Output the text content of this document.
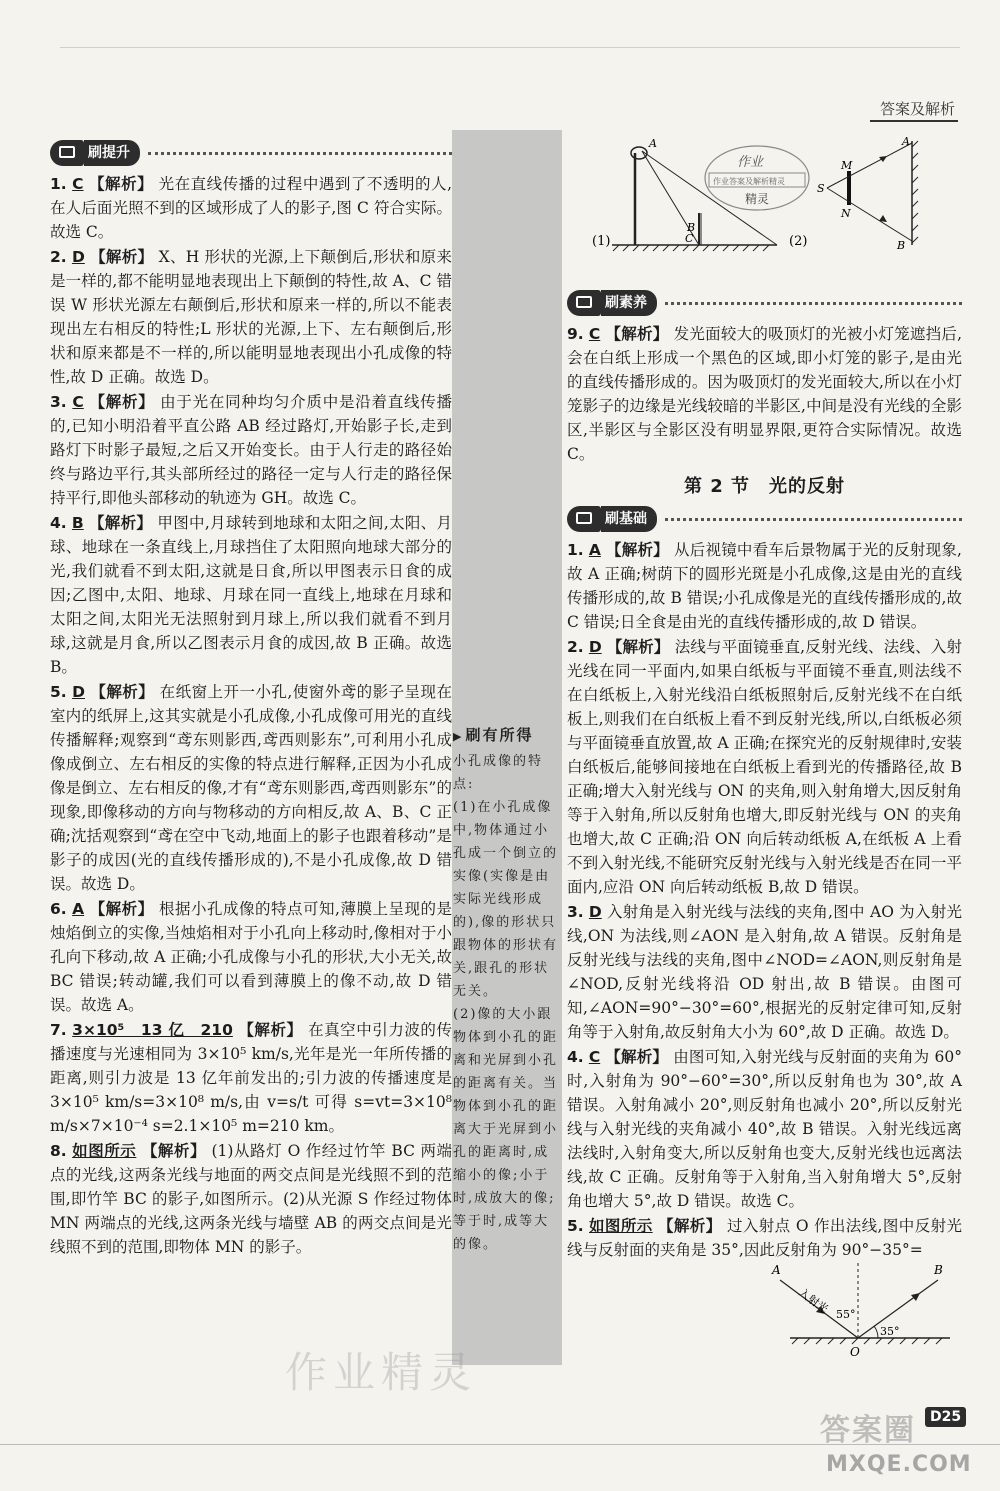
答案及解析
▶ 刷有所得
小孔成像的特点:
(1)在小孔成像中,物体通过小孔成一个倒立的实像(实像是由实际光线形成的),像的形状只跟物体的形状有关,跟孔的形状无关。
(2)像的大小跟物体到小孔的距离和光屏到小孔的距离有关。当物体到小孔的距离大于光屏到小孔的距离时,成缩小的像;小于时,成放大的像;等于时,成等大的像。
刷提升
1. C 【解析】 光在直线传播的过程中遇到了不透明的人,在人后面光照不到的区域形成了人的影子,图 C 符合实际。故选 C。
2. D 【解析】 X、H 形状的光源,上下颠倒后,形状和原来是一样的,都不能明显地表现出上下颠倒的特性,故 A、C 错误 W 形状光源左右颠倒后,形状和原来一样的,所以不能表现出左右相反的特性;L 形状的光源,上下、左右颠倒后,形状和原来都是不一样的,所以能明显地表现出小孔成像的特性,故 D 正确。故选 D。
3. C 【解析】 由于光在同种均匀介质中是沿着直线传播的,已知小明沿着平直公路 AB 经过路灯,开始影子长,走到路灯下时影子最短,之后又开始变长。由于人行走的路径始终与路边平行,其头部所经过的路径一定与人行走的路径保持平行,即他头部移动的轨迹为 GH。故选 C。
4. B 【解析】 甲图中,月球转到地球和太阳之间,太阳、月球、地球在一条直线上,月球挡住了太阳照向地球大部分的光,我们就看不到太阳,这就是日食,所以甲图表示日食的成因;乙图中,太阳、地球、月球在同一直线上,地球在月球和太阳之间,太阳光无法照射到月球上,所以我们就看不到月球,这就是月食,所以乙图表示月食的成因,故 B 正确。故选 B。
5. D 【解析】 在纸窗上开一小孔,使窗外鸢的影子呈现在室内的纸屏上,这其实就是小孔成像,小孔成像可用光的直线传播解释;观察到“鸢东则影西,鸢西则影东”,可利用小孔成像成倒立、左右相反的实像的特点进行解释,正因为小孔成像是倒立、左右相反的像,才有“鸢东则影西,鸢西则影东”的现象,即像移动的方向与物移动的方向相反,故 A、B、C 正确;沈括观察到“鸢在空中飞动,地面上的影子也跟着移动”是影子的成因(光的直线传播形成的),不是小孔成像,故 D 错误。故选 D。
6. A 【解析】 根据小孔成像的特点可知,薄膜上呈现的是烛焰倒立的实像,当烛焰相对于小孔向上移动时,像相对于小孔向下移动,故 A 正确;小孔成像与小孔的形状,大小无关,故 BC 错误;转动罐,我们可以看到薄膜上的像不动,故 D 错误。故选 A。
7. 3×10⁵　13 亿　210 【解析】 在真空中引力波的传播速度与光速相同为 3×10⁵ km/s,光年是光一年所传播的距离,则引力波是 13 亿年前发出的;引力波的传播速度是 3×10⁵ km/s=3×10⁸ m/s,由 v=s/t 可得 s=vt=3×10⁸ m/s×7×10⁻⁴ s=2.1×10⁵ m=210 km。
8. 如图所示 【解析】 (1)从路灯 O 作经过竹竿 BC 两端点的光线,这两条光线与地面的两交点间是光线照不到的范围,即竹竿 BC 的影子,如图所示。(2)从光源 S 作经过物体 MN 两端点的光线,这两条光线与墙壁 AB 的两交点间是光线照不到的范围,即物体 MN 的影子。
A
B
C
(1)
作业
作业答案及解析精灵
精灵
A
M
S
N
B
(2)
刷素养
9. C 【解析】 发光面较大的吸顶灯的光被小灯笼遮挡后,会在白纸上形成一个黑色的区域,即小灯笼的影子,是由光的直线传播形成的。因为吸顶灯的发光面较大,所以在小灯笼影子的边缘是光线较暗的半影区,中间是没有光线的全影区,半影区与全影区没有明显界限,更符合实际情况。故选 C。
第 2 节　光的反射
刷基础
1. A 【解析】 从后视镜中看车后景物属于光的反射现象,故 A 正确;树荫下的圆形光斑是小孔成像,这是由光的直线传播形成的,故 B 错误;小孔成像是光的直线传播形成的,故 C 错误;日全食是由光的直线传播形成的,故 D 错误。
2. D 【解析】 法线与平面镜垂直,反射光线、法线、入射光线在同一平面内,如果白纸板与平面镜不垂直,则法线不在白纸板上,入射光线沿白纸板照射后,反射光线不在白纸板上,则我们在白纸板上看不到反射光线,所以,白纸板必须与平面镜垂直放置,故 A 正确;在探究光的反射规律时,安装白纸板后,能够间接地在白纸板上看到光的传播路径,故 B 正确;增大入射光线与 ON 的夹角,则入射角增大,因反射角等于入射角,所以反射角也增大,即反射光线与 ON 的夹角也增大,故 C 正确;沿 ON 向后转动纸板 A,在纸板 A 上看不到入射光线,不能研究反射光线与入射光线是否在同一平面内,应沿 ON 向后转动纸板 B,故 D 错误。
3. D 入射角是入射光线与法线的夹角,图中 AO 为入射光线,ON 为法线,则∠AON 是入射角,故 A 错误。反射角是反射光线与法线的夹角,图中∠NOD=∠AON,则反射角是∠NOD,反射光线将沿 OD 射出,故 B 错误。由图可知,∠AON=90°−30°=60°,根据光的反射定律可知,反射角等于入射角,故反射角大小为 60°,故 D 正确。故选 D。
4. C 【解析】 由图可知,入射光线与反射面的夹角为 60°时,入射角为 90°−60°=30°,所以反射角也为 30°,故 A 错误。入射角减小 20°,则反射角也减小 20°,所以反射光线与入射光线的夹角减小 40°,故 B 错误。入射光线远离法线时,入射角变大,所以反射角也变大,反射光线也远离法线,故 C 正确。反射角等于入射角,当入射角增大 5°,反射角也增大 5°,故 D 错误。故选 C。
5. 如图所示 【解析】 过入射点 O 作出法线,图中反射光线与反射面的夹角是 35°,因此反射角为 90°−35°=
A	B
O
入射光 55°
35°
作业精灵
答案圈	D25
MXQE.COM
